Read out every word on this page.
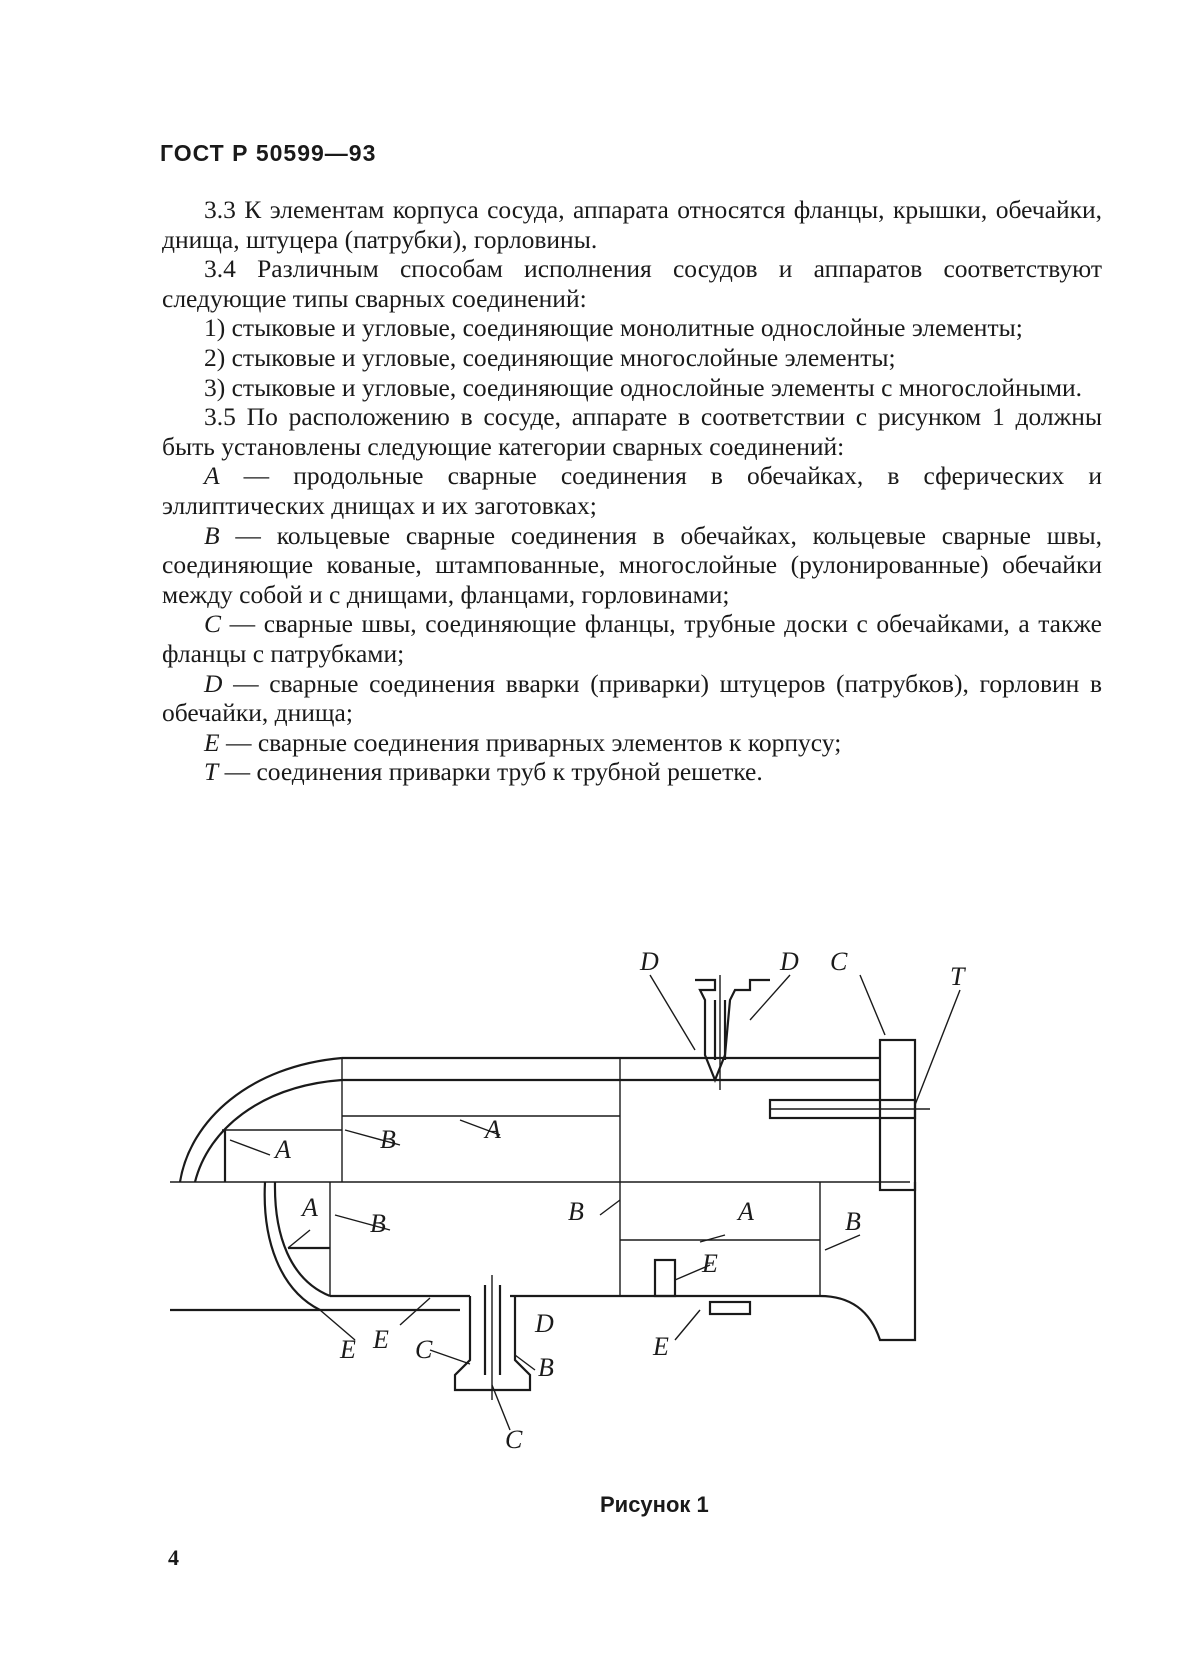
ГОСТ Р 50599—93

3.3 К элементам корпуса сосуда, аппарата относятся фланцы, крышки, обечайки, днища, штуцера (патрубки), горловины.

3.4 Различным способам исполнения сосудов и аппаратов соответствуют следующие типы сварных соединений:

1) стыковые и угловые, соединяющие монолитные однослойные элементы;

2) стыковые и угловые, соединяющие многослойные элементы;

3) стыковые и угловые, соединяющие однослойные элементы с многослойными.

3.5 По расположению в сосуде, аппарате в соответствии с рисунком 1 должны быть установлены следующие категории сварных соединений:

A — продольные сварные соединения в обечайках, в сферических и эллиптических днищах и их заготовках;

B — кольцевые сварные соединения в обечайках, кольцевые сварные швы, соединяющие кованые, штампованные, многослойные (рулонированные) обечайки между собой и с днищами, фланцами, горловинами;

C — сварные швы, соединяющие фланцы, трубные доски с обечайками, а также фланцы с патрубками;

D — сварные соединения вварки (приварки) штуцеров (патрубков), горловин в обечайки, днища;

E — сварные соединения приварных элементов к корпусу;

T — соединения приварки труб к трубной решетке.

D	D C
T
A	B	A
A
B	B	A
E
B
E E C
D
B
C
E
Рисунок 1
4
